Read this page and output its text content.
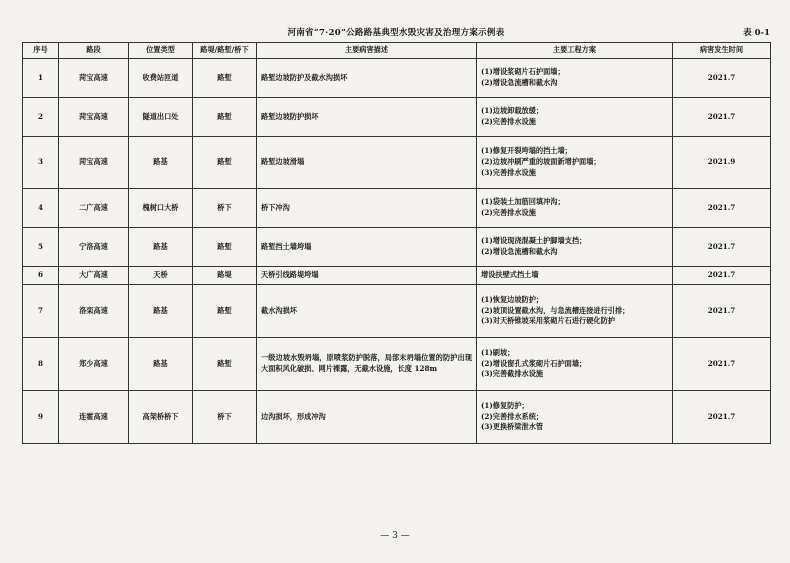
河南省“7·20”公路路基典型水毁灾害及治理方案示例表	表 0-1
序号	路段	位置类型	路堤/路堑/桥下	主要病害描述	主要工程方案	病害发生时间
1	菏宝高速	收费站匝道	路堑	路堑边坡防护及截水沟损坏	(1)增设浆砌片石护面墙；
(2)增设急流槽和截水沟	2021.7
2	菏宝高速	隧道出口处	路堑	路堑边坡防护损坏	(1)边坡卸载放缓；
(2)完善排水设施	2021.7
3	菏宝高速	路基	路堑	路堑边坡滑塌	(1)修复开裂垮塌的挡土墙；
(2)边坡冲刷严重的坡面新增护面墙；
(3)完善排水设施	2021.9
4	二广高速	槐树口大桥	桥下	桥下冲沟	(1)袋装土加筋回填冲沟；
(2)完善排水设施	2021.7
5	宁洛高速	路基	路堑	路堑挡土墙垮塌	(1)增设现浇混凝土护脚墙支挡；
(2)增设急流槽和截水沟	2021.7
6	大广高速	天桥	路堤	天桥引线路堤垮塌	增设扶壁式挡土墙	2021.7
7	洛栾高速	路基	路堑	截水沟损坏	(1)恢复边坡防护；
(2)坡顶设置截水沟，与急流槽连接进行引排；
(3)对天桥锥坡采用浆砌片石进行硬化防护	2021.7
8	郑少高速	路基	路堑	一级边坡水毁坍塌，原喷浆防护脱落，局部末坍塌位置的防护出现大面积风化破损、网片裸露，无截水设施，长度 128m	(1)刷坡；
(2)增设窗孔式浆砌片石护面墙；
(3)完善截排水设施	2021.7
9	连霍高速	高架桥桥下	桥下	边沟损坏，形成冲沟	(1)修复防护；
(2)完善排水系统；
(3)更换桥梁泄水管	2021.7
— 3 —
